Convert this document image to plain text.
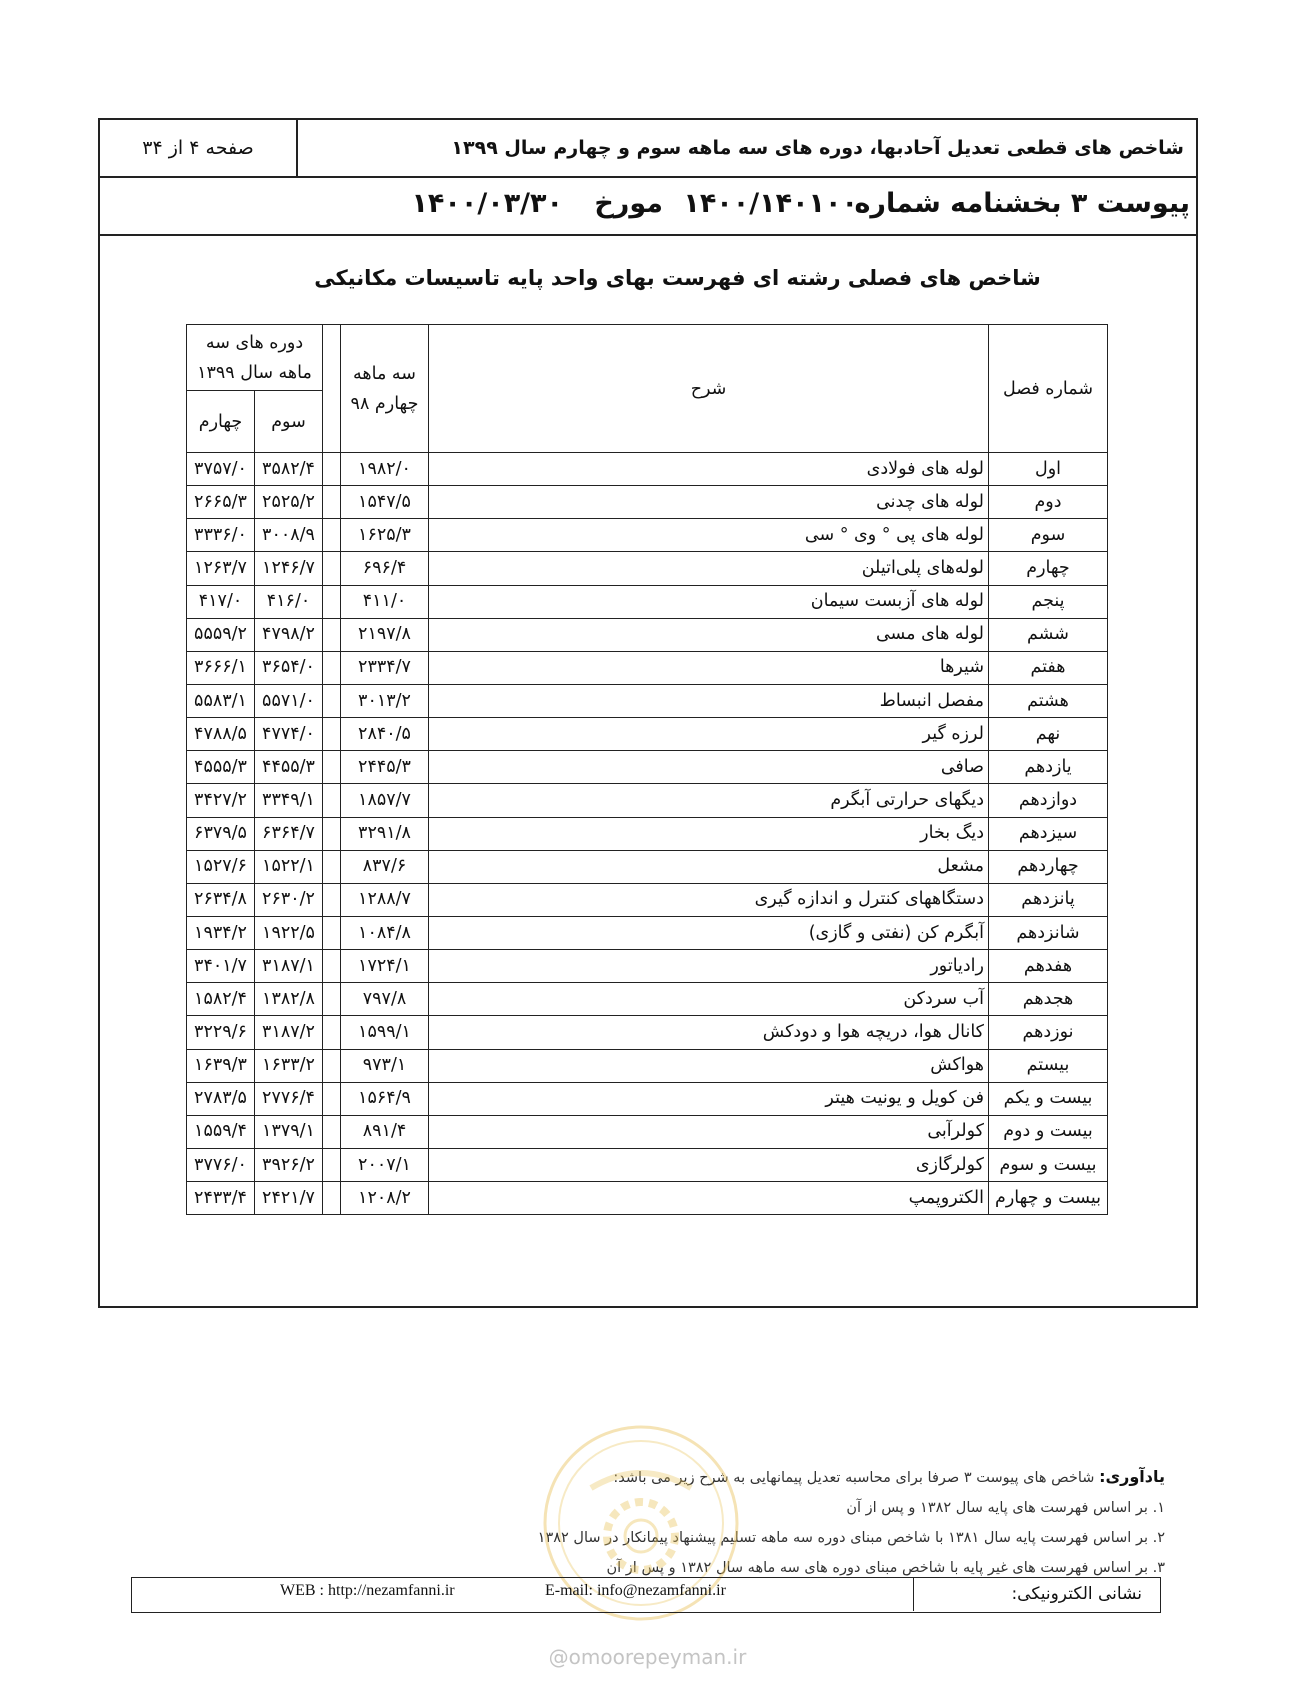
صفحه ۴ از ۳۴	شاخص های قطعی تعدیل آحادبها، دوره های سه ماهه سوم و چهارم سال ۱۳۹۹
پیوست ۳ بخشنامه شماره
۱۴۰۰/۱۴۰۱۰۰
مورخ
۱۴۰۰/۰۳/۳۰
شاخص های فصلی رشته ای فهرست بهای واحد پایه تاسیسات مکانیکی
دوره های سه ماهه سال ۱۳۹۹			سه ماهه چهارم ۹۸	شرح	شماره فصل
چهارم	سوم				
۳۷۵۷/۰	۳۵۸۲/۴		۱۹۸۲/۰	لوله های فولادی	اول
۲۶۶۵/۳	۲۵۲۵/۲		۱۵۴۷/۵	لوله های چدنی	دوم
۳۳۳۶/۰	۳۰۰۸/۹		۱۶۲۵/۳	لوله های پی ° وی ° سی	سوم
۱۲۶۳/۷	۱۲۴۶/۷		۶۹۶/۴	لوله‌های پلی‌اتیلن	چهارم
۴۱۷/۰	۴۱۶/۰		۴۱۱/۰	لوله های آزبست سیمان	پنجم
۵۵۵۹/۲	۴۷۹۸/۲		۲۱۹۷/۸	لوله های مسی	ششم
۳۶۶۶/۱	۳۶۵۴/۰		۲۳۳۴/۷	شیرها	هفتم
۵۵۸۳/۱	۵۵۷۱/۰		۳۰۱۳/۲	مفصل انبساط	هشتم
۴۷۸۸/۵	۴۷۷۴/۰		۲۸۴۰/۵	لرزه گیر	نهم
۴۵۵۵/۳	۴۴۵۵/۳		۲۴۴۵/۳	صافی	یازدهم
۳۴۲۷/۲	۳۳۴۹/۱		۱۸۵۷/۷	دیگهای حرارتی آبگرم	دوازدهم
۶۳۷۹/۵	۶۳۶۴/۷		۳۲۹۱/۸	دیگ بخار	سیزدهم
۱۵۲۷/۶	۱۵۲۲/۱		۸۳۷/۶	مشعل	چهاردهم
۲۶۳۴/۸	۲۶۳۰/۲		۱۲۸۸/۷	دستگاههای کنترل و اندازه گیری	پانزدهم
۱۹۳۴/۲	۱۹۲۲/۵		۱۰۸۴/۸	آبگرم کن (نفتی و گازی)	شانزدهم
۳۴۰۱/۷	۳۱۸۷/۱		۱۷۲۴/۱	رادیاتور	هفدهم
۱۵۸۲/۴	۱۳۸۲/۸		۷۹۷/۸	آب سردکن	هجدهم
۳۲۲۹/۶	۳۱۸۷/۲		۱۵۹۹/۱	کانال هوا، دریچه هوا و دودکش	نوزدهم
۱۶۳۹/۳	۱۶۳۳/۲		۹۷۳/۱	هواکش	بیستم
۲۷۸۳/۵	۲۷۷۶/۴		۱۵۶۴/۹	فن کویل و یونیت هیتر	بیست و یکم
۱۵۵۹/۴	۱۳۷۹/۱		۸۹۱/۴	کولرآبی	بیست و دوم
۳۷۷۶/۰	۳۹۲۶/۲		۲۰۰۷/۱	کولرگازی	بیست و سوم
۲۴۳۳/۴	۲۴۲۱/۷		۱۲۰۸/۲	الکتروپمپ	بیست و چهارم

یادآوری: شاخص های پیوست ۳ صرفا برای محاسبه تعدیل پیمانهایی به شرح زیر می باشد:

۱. بر اساس فهرست های پایه سال ۱۳۸۲ و پس از آن

۲. بر اساس فهرست پایه سال ۱۳۸۱ با شاخص مبنای دوره سه ماهه تسلیم پیشنهاد پیمانکار در سال ۱۳۸۲

۳. بر اساس فهرست های غیر پایه با شاخص مبنای دوره های سه ماهه سال ۱۳۸۲ و پس از آن

WEB : http://nezamfanni.ir	E-mail: info@nezamfanni.ir	نشانی الکترونیکی:
@omoorepeyman.ir
